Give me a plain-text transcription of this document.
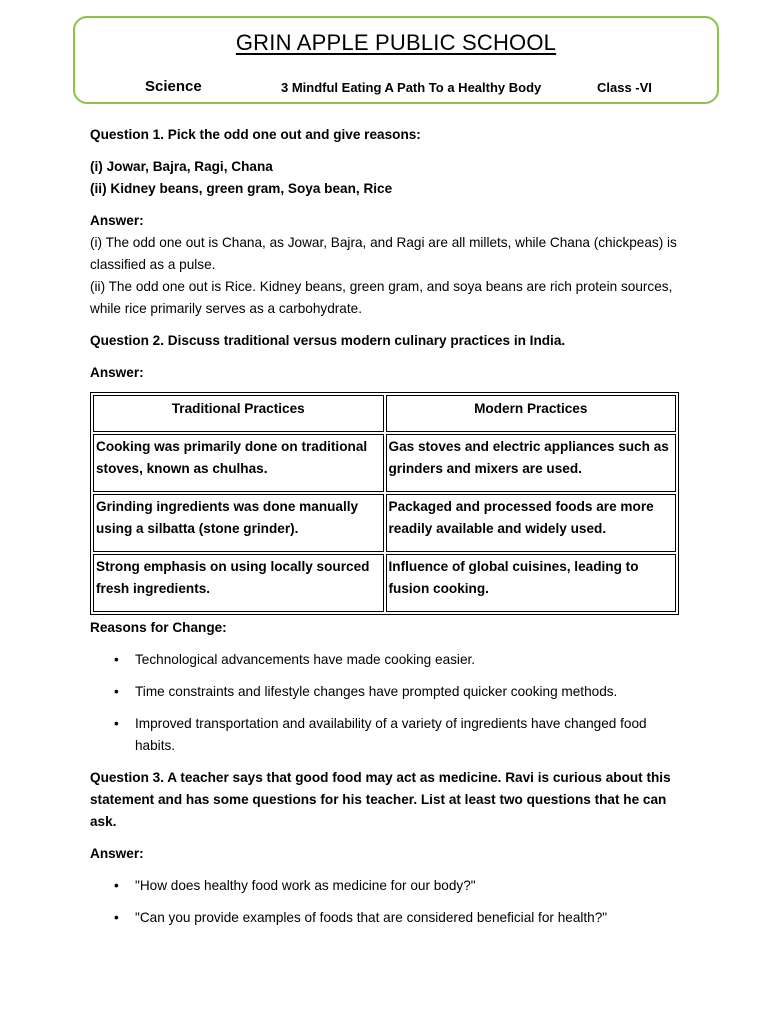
GRIN APPLE PUBLIC SCHOOL
Science	3 Mindful Eating A Path To a Healthy Body	Class -VI

Question 1. Pick the odd one out and give reasons:

(i) Jowar, Bajra, Ragi, Chana

(ii) Kidney beans, green gram, Soya bean, Rice

Answer:

(i) The odd one out is Chana, as Jowar, Bajra, and Ragi are all millets, while Chana (chickpeas) is classified as a pulse.

(ii) The odd one out is Rice. Kidney beans, green gram, and soya beans are rich protein sources, while rice primarily serves as a carbohydrate.

Question 2. Discuss traditional versus modern culinary practices in India.

Answer:

Traditional Practices	Modern Practices
Cooking was primarily done on traditional stoves, known as chulhas.	Gas stoves and electric appliances such as grinders and mixers are used.
Grinding ingredients was done manually using a silbatta (stone grinder).	Packaged and processed foods are more readily available and widely used.
Strong emphasis on using locally sourced fresh ingredients.	Influence of global cuisines, leading to fusion cooking.

Reasons for Change:

• Technological advancements have made cooking easier.
• Time constraints and lifestyle changes have prompted quicker cooking methods.
• Improved transportation and availability of a variety of ingredients have changed food habits.

Question 3. A teacher says that good food may act as medicine. Ravi is curious about this statement and has some questions for his teacher. List at least two questions that he can ask.

Answer:

• "How does healthy food work as medicine for our body?"
• "Can you provide examples of foods that are considered beneficial for health?"
